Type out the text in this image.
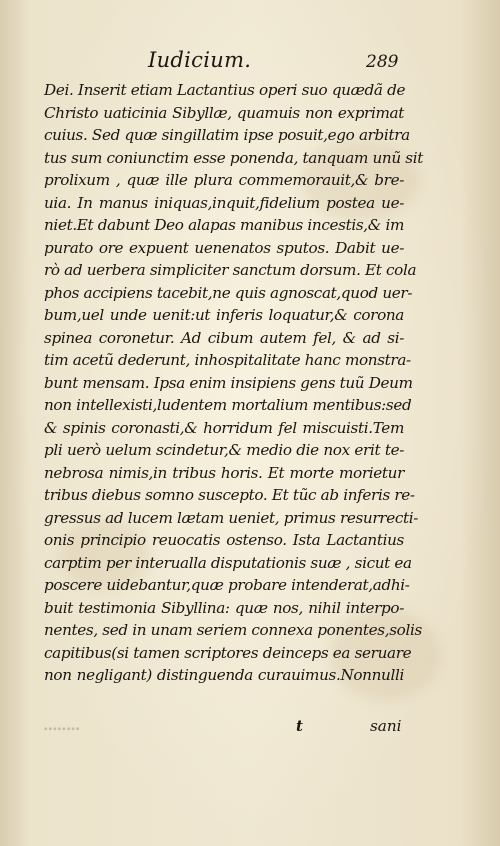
Iudicium.	289
Dei. Inserit etiam Lactantius operi suo quædã de
Christo uaticinia Sibyllæ, quamuis non exprimat
cuius. Sed quæ singillatim ipse posuit,ego arbitra
tus sum coniunctim esse ponenda, tanquam unũ sit
prolixum , quæ ille plura commemorauit,& bre-
uia. In manus iniquas,inquit,fidelium postea ue-
niet.Et dabunt Deo alapas manibus incestis,& im
purato ore expuent uenenatos sputos. Dabit ue-
rò ad uerbera simpliciter sanctum dorsum. Et cola
phos accipiens tacebit,ne quis agnoscat,quod uer-
bum,uel unde uenit:ut inferis loquatur,& corona
spinea coronetur. Ad cibum autem fel, & ad si-
tim acetũ dederunt, inhospitalitate hanc monstra-
bunt mensam. Ipsa enim insipiens gens tuũ Deum
non intellexisti,ludentem mortalium mentibus:sed
& spinis coronasti,& horridum fel miscuisti.Tem
pli uerò uelum scindetur,& medio die nox erit te-
nebrosa nimis,in tribus horis. Et morte morietur
tribus diebus somno suscepto. Et tũc ab inferis re-
gressus ad lucem lætam ueniet, primus resurrecti-
onis principio reuocatis ostenso. Ista Lactantius
carptim per interualla disputationis suæ , sicut ea
poscere uidebantur,quæ probare intenderat,adhi-
buit testimonia Sibyllina: quæ nos, nihil interpo-
nentes, sed in unam seriem connexa ponentes,solis
capitibus(si tamen scriptores deinceps ea seruare
non negligant) distinguenda curauimus.Nonnulli
▪▪▪▪▪▪▪▪	t	sani
